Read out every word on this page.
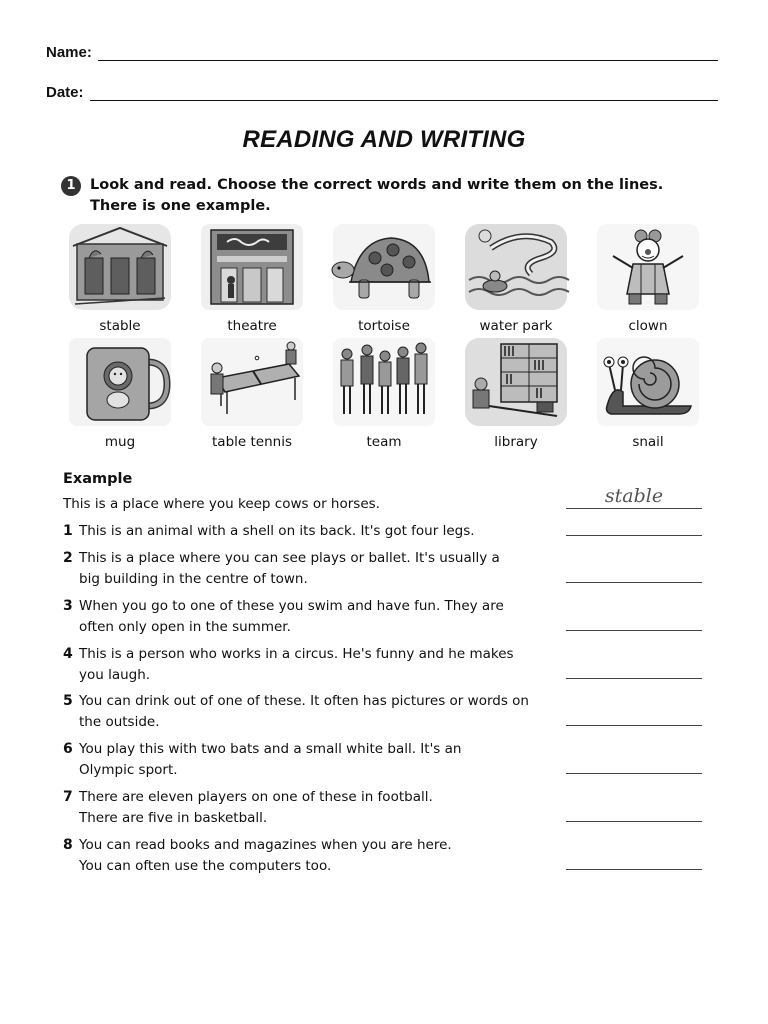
Name:
Date:
READING AND WRITING
1 Look and read. Choose the correct words and write them on the lines. There is one example.
stable	theatre	tortoise	water park	clown
mug	table tennis	team	library	snail
Example
This is a place where you keep cows or horses.	stable
1 This is an animal with a shell on its back. It's got four legs.
2 This is a place where you can see plays or ballet. It's usually a big building in the centre of town.
3 When you go to one of these you swim and have fun. They are often only open in the summer.
4 This is a person who works in a circus. He's funny and he makes you laugh.
5 You can drink out of one of these. It often has pictures or words on the outside.
6 You play this with two bats and a small white ball. It's an Olympic sport.
7 There are eleven players on one of these in football. There are five in basketball.
8 You can read books and magazines when you are here. You can often use the computers too.
